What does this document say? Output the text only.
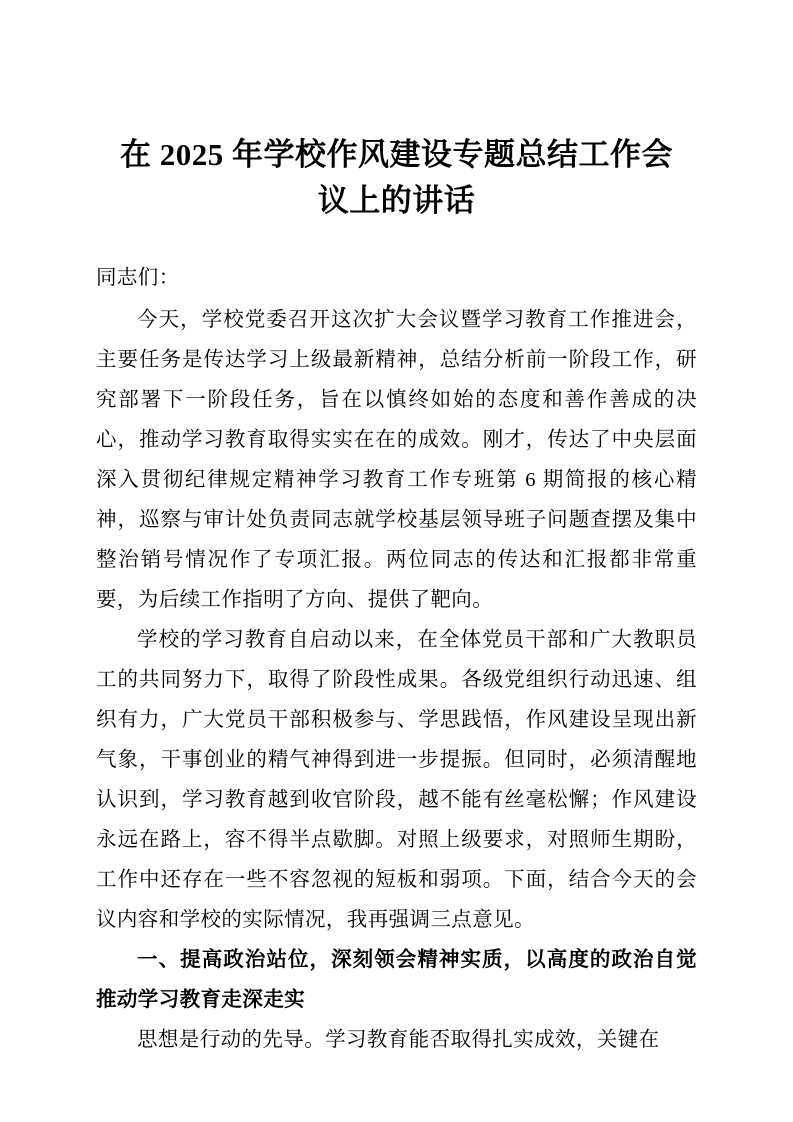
在 2025 年学校作风建设专题总结工作会议上的讲话
同志们：

今天，学校党委召开这次扩大会议暨学习教育工作推进会，主要任务是传达学习上级最新精神，总结分析前一阶段工作，研究部署下一阶段任务，旨在以慎终如始的态度和善作善成的决心，推动学习教育取得实实在在的成效。刚才，传达了中央层面深入贯彻纪律规定精神学习教育工作专班第 6 期简报的核心精神，巡察与审计处负责同志就学校基层领导班子问题查摆及集中整治销号情况作了专项汇报。两位同志的传达和汇报都非常重要，为后续工作指明了方向、提供了靶向。

学校的学习教育自启动以来，在全体党员干部和广大教职员工的共同努力下，取得了阶段性成果。各级党组织行动迅速、组织有力，广大党员干部积极参与、学思践悟，作风建设呈现出新气象，干事创业的精气神得到进一步提振。但同时，必须清醒地认识到，学习教育越到收官阶段，越不能有丝毫松懈；作风建设永远在路上，容不得半点歇脚。对照上级要求，对照师生期盼，工作中还存在一些不容忽视的短板和弱项。下面，结合今天的会议内容和学校的实际情况，我再强调三点意见。

一、提高政治站位，深刻领会精神实质，以高度的政治自觉推动学习教育走深走实

思想是行动的先导。学习教育能否取得扎实成效，关键在
